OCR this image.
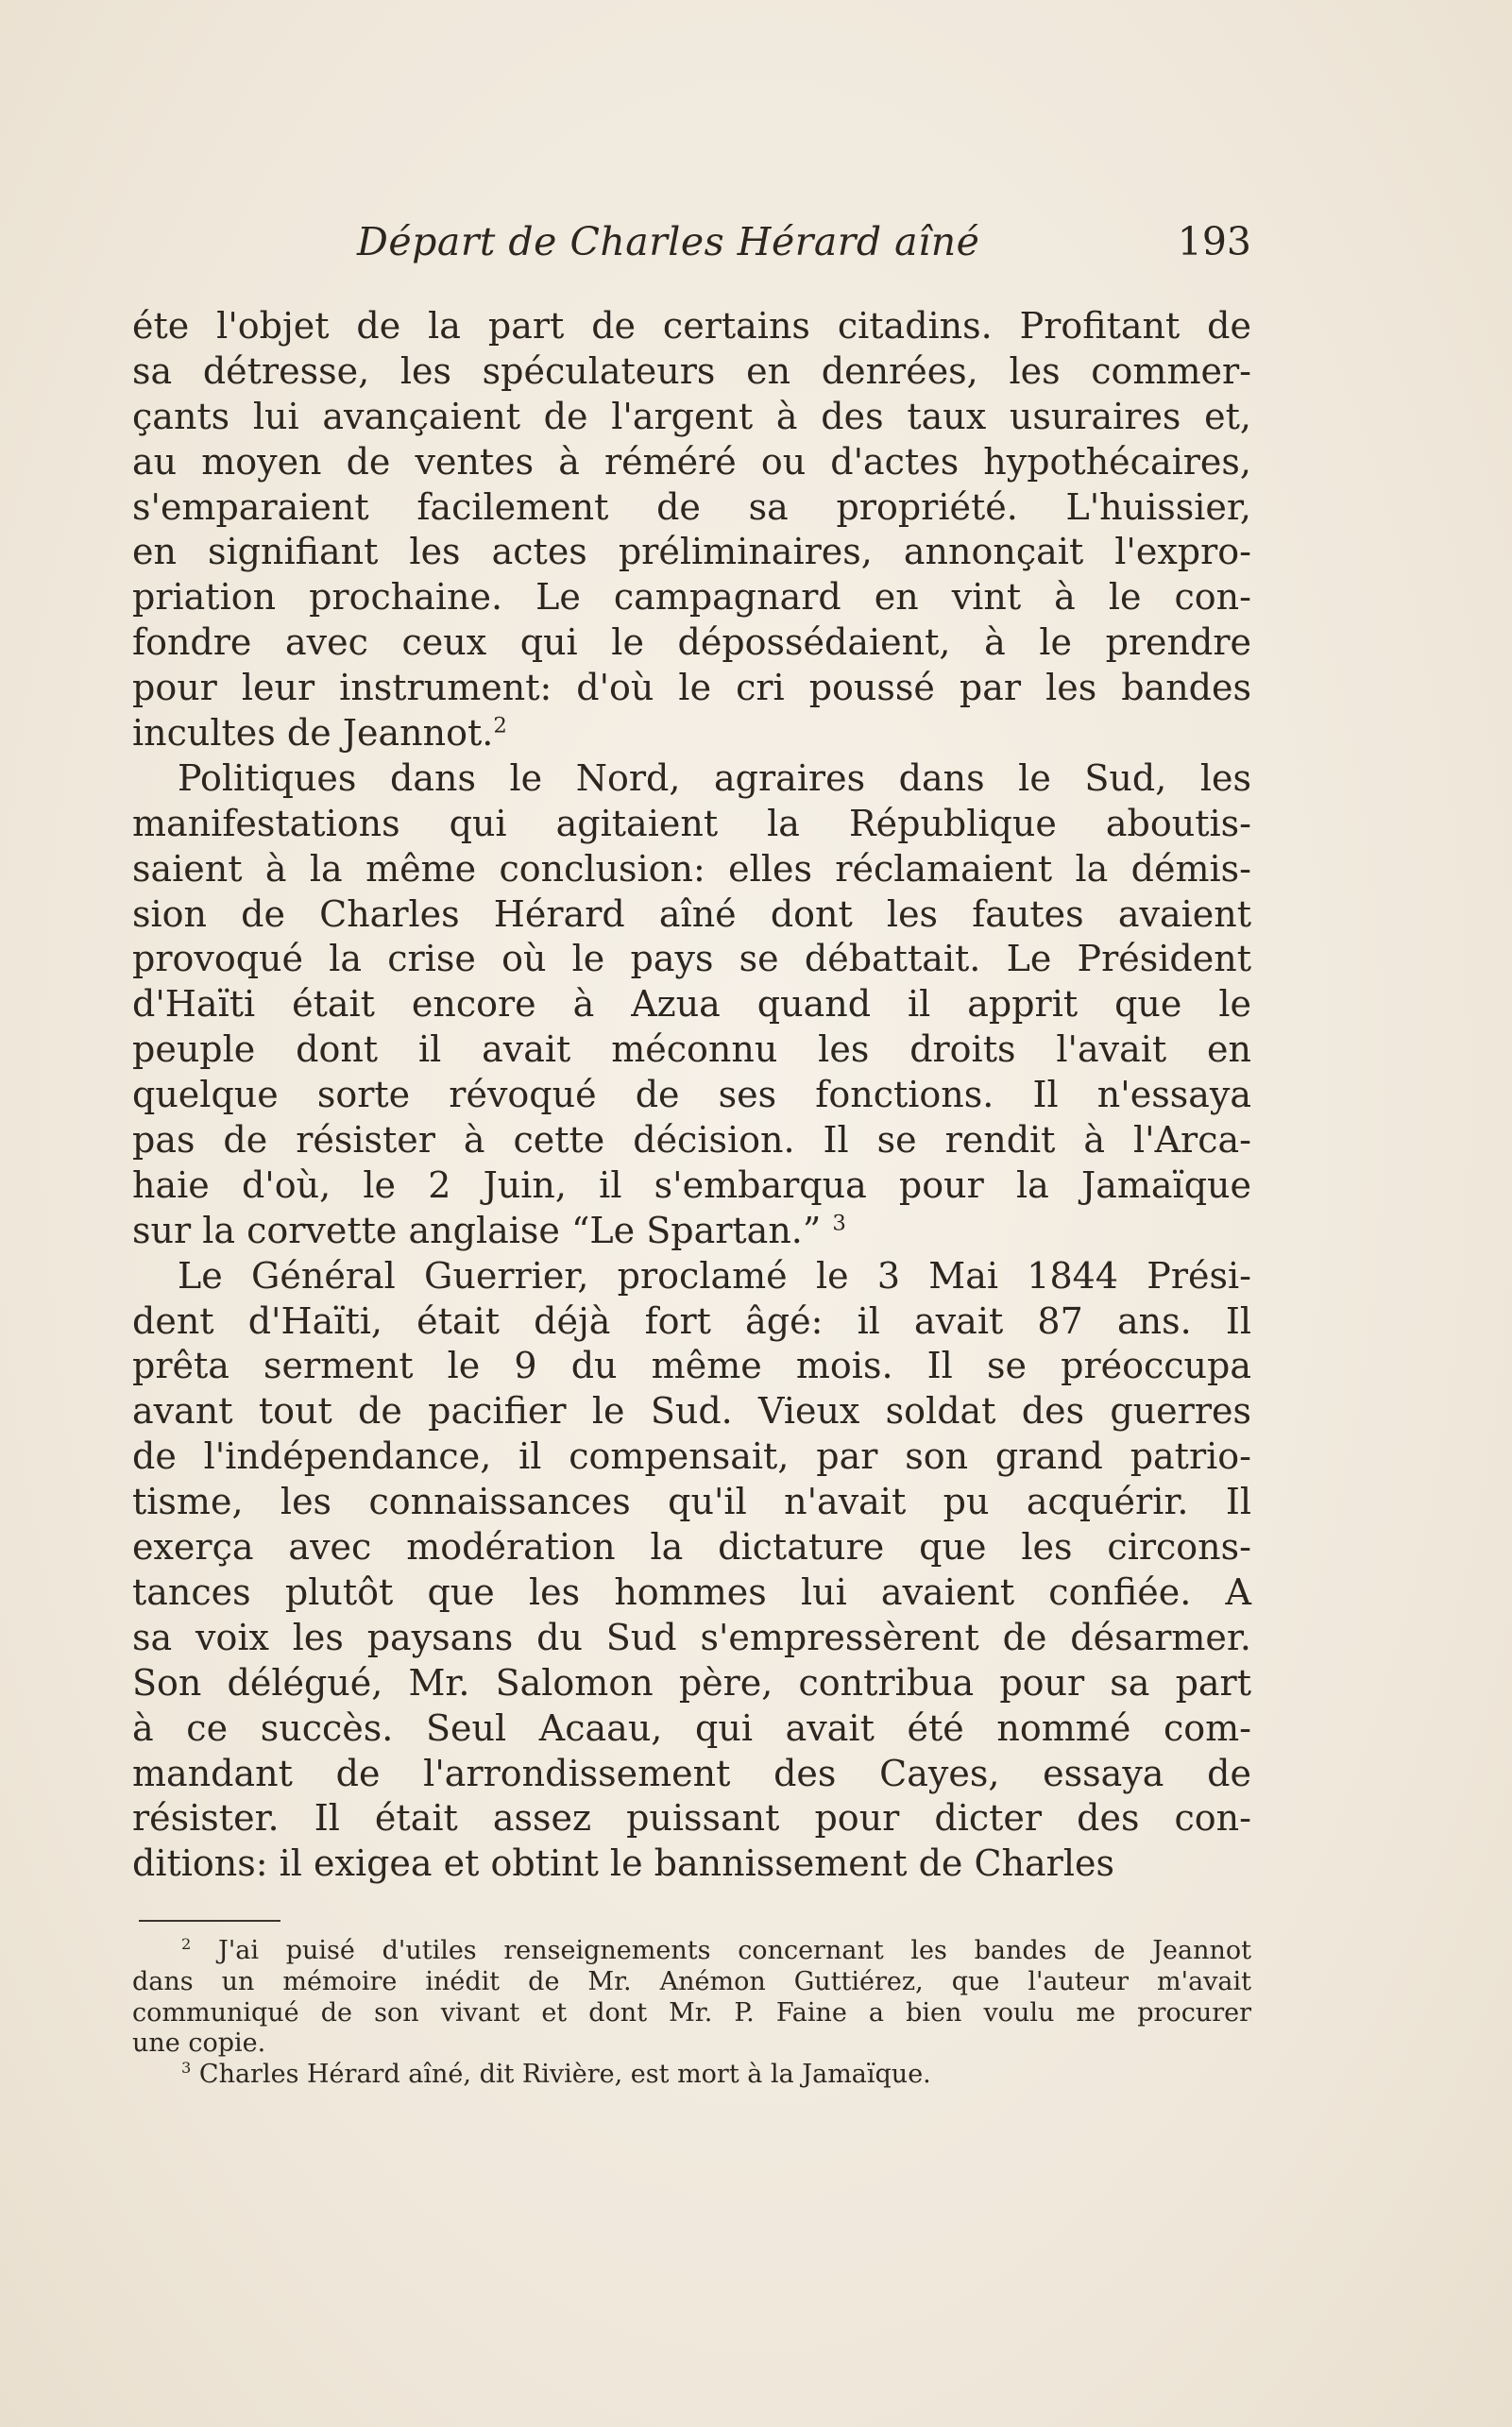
Départ de Charles Hérard aîné	193
éte l'objet de la part de certains citadins. Profitant de
sa détresse, les spéculateurs en denrées, les commer-
çants lui avançaient de l'argent à des taux usuraires et,
au moyen de ventes à réméré ou d'actes hypothécaires,
s'emparaient facilement de sa propriété. L'huissier,
en signifiant les actes préliminaires, annonçait l'expro-
priation prochaine. Le campagnard en vint à le con-
fondre avec ceux qui le dépossédaient, à le prendre
pour leur instrument: d'où le cri poussé par les bandes
incultes de Jeannot.$^2$
Politiques dans le Nord, agraires dans le Sud, les
manifestations qui agitaient la République aboutis-
saient à la même conclusion: elles réclamaient la démis-
sion de Charles Hérard aîné dont les fautes avaient
provoqué la crise où le pays se débattait. Le Président
d'Haïti était encore à Azua quand il apprit que le
peuple dont il avait méconnu les droits l'avait en
quelque sorte révoqué de ses fonctions. Il n'essaya
pas de résister à cette décision. Il se rendit à l'Arca-
haie d'où, le 2 Juin, il s'embarqua pour la Jamaïque
sur la corvette anglaise “Le Spartan.” $^3$
Le Général Guerrier, proclamé le 3 Mai 1844 Prési-
dent d'Haïti, était déjà fort âgé: il avait 87 ans. Il
prêta serment le 9 du même mois. Il se préoccupa
avant tout de pacifier le Sud. Vieux soldat des guerres
de l'indépendance, il compensait, par son grand patrio-
tisme, les connaissances qu'il n'avait pu acquérir. Il
exerça avec modération la dictature que les circons-
tances plutôt que les hommes lui avaient confiée. A
sa voix les paysans du Sud s'empressèrent de désarmer.
Son délégué, Mr. Salomon père, contribua pour sa part
à ce succès. Seul Acaau, qui avait été nommé com-
mandant de l'arrondissement des Cayes, essaya de
résister. Il était assez puissant pour dicter des con-
ditions: il exigea et obtint le bannissement de Charles
$^2$ J'ai puisé d'utiles renseignements concernant les bandes de Jeannot
dans un mémoire inédit de Mr. Anémon Guttiérez, que l'auteur m'avait
communiqué de son vivant et dont Mr. P. Faine a bien voulu me procurer
une copie.
$^3$ Charles Hérard aîné, dit Rivière, est mort à la Jamaïque.
